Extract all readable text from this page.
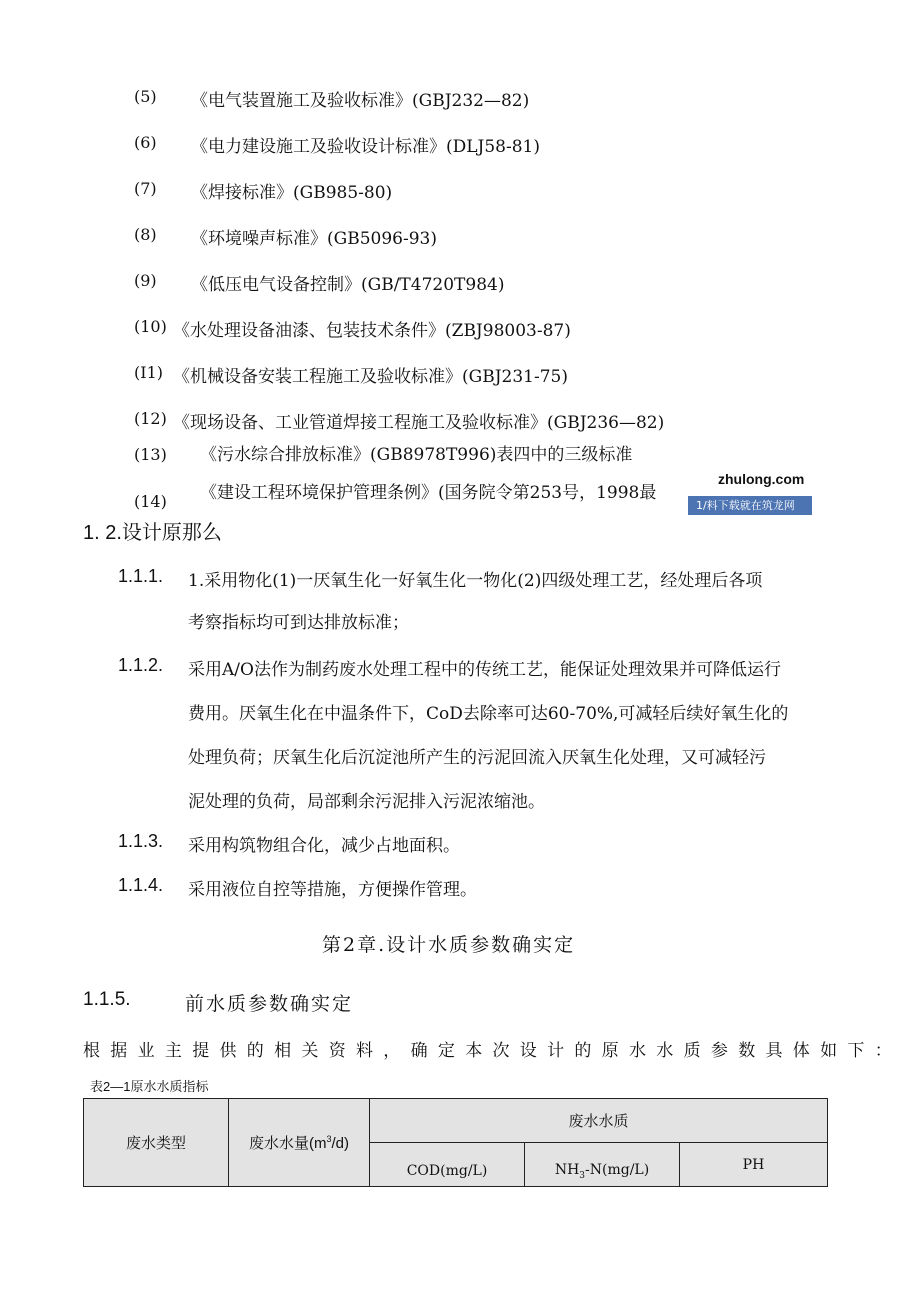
(5) 《电气装置施工及验收标准》(GBJ232—82)
(6) 《电力建设施工及验收设计标准》(DLJ58-81)
(7) 《焊接标准》(GB985-80)
(8) 《环境噪声标准》(GB5096-93)
(9) 《低压电气设备控制》(GB/T4720T984)
(10) 《水处理设备油漆、包装技术条件》(ZBJ98003-87)
(I1) 《机械设备安装工程施工及验收标准》(GBJ231-75)
(12) 《现场设备、工业管道焊接工程施工及验收标准》(GBJ236—82)
(13) 《污水综合排放标准》(GB8978T996)表四中的三级标准
(14) 《建设工程环境保护管理条例》(国务院令第253号，1998最
zhulong.com
1/料下载就在筑龙网
1. 2.设计原那么
1.1.1. 1.采用物化(1)一厌氧生化一好氧生化一物化(2)四级处理工艺，经处理后各项
考察指标均可到达排放标准；
1.1.2. 采用A/O法作为制药废水处理工程中的传统工艺，能保证处理效果并可降低运行
费用。厌氧生化在中温条件下，CoD去除率可达60-70%,可减轻后续好氧生化的
处理负荷；厌氧生化后沉淀池所产生的污泥回流入厌氧生化处理，又可减轻污
泥处理的负荷，局部剩余污泥排入污泥浓缩池。
1.1.3. 采用构筑物组合化，减少占地面积。
1.1.4. 采用液位自控等措施，方便操作管理。
第2章.设计水质参数确实定
1.1.5.	前水质参数确实定
根据业主提供的相关资料，确定本次设计的原水水质参数具体如下：
表2—1原水水质指标
废水类型	废水水量$(m^3/d)$	废水水质		
		COD(mg/L)	$NH_3-N(mg/L)$	PH
